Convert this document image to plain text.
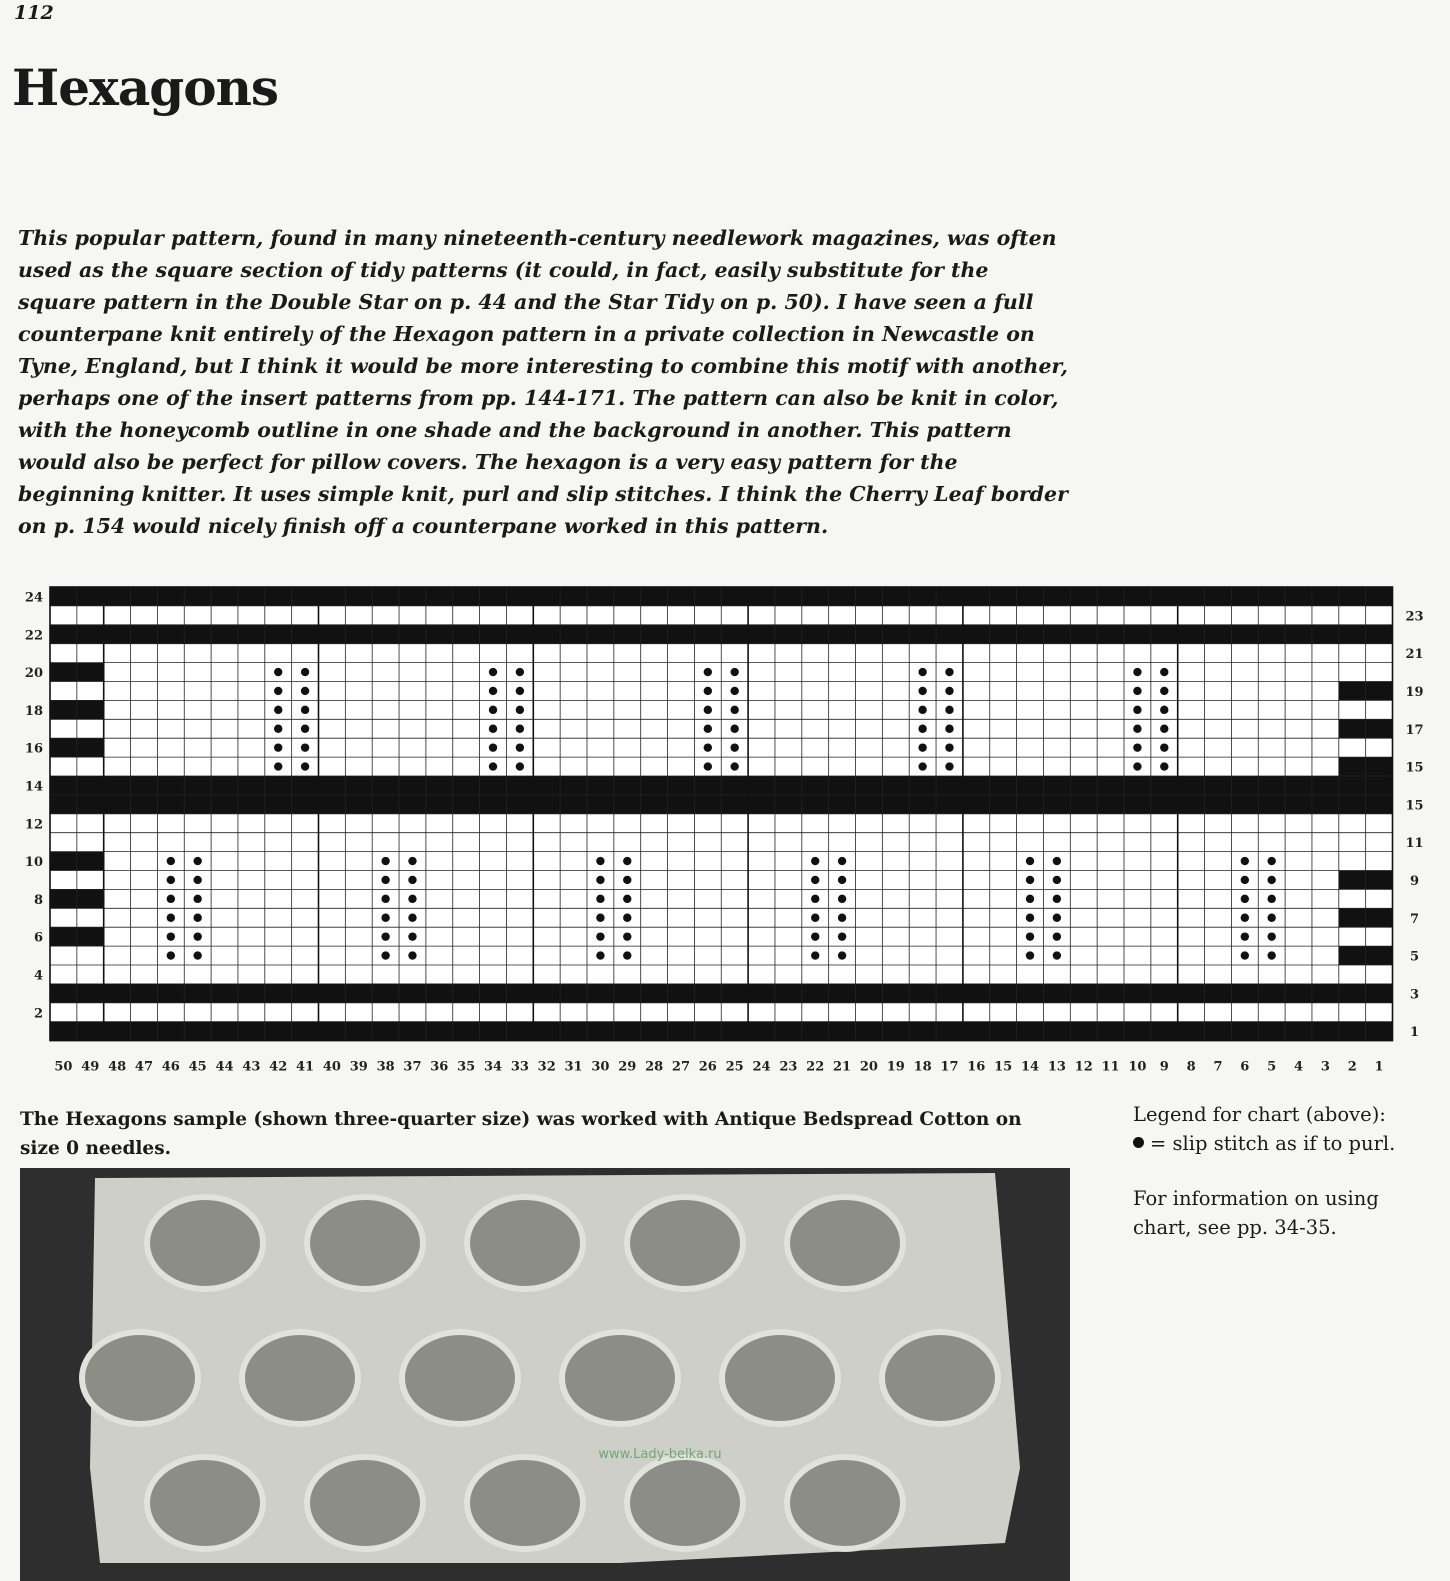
112
Hexagons

This popular pattern, found in many nineteenth-century needlework magazines, was often used as the square section of tidy patterns (it could, in fact, easily substitute for the square pattern in the Double Star on p. 44 and the Star Tidy on p. 50). I have seen a full counterpane knit entirely of the Hexagon pattern in a private collection in Newcastle on Tyne, England, but I think it would be more interesting to combine this motif with another, perhaps one of the insert patterns from pp. 144-171. The pattern can also be knit in color, with the honeycomb outline in one shade and the background in another. This pattern would also be perfect for pillow covers. The hexagon is a very easy pattern for the beginning knitter. It uses simple knit, purl and slip stitches. I think the Cherry Leaf border on p. 154 would nicely finish off a counterpane worked in this pattern.

24
22
20
18
16
14
12
10
8
6
4
2
23
21
19
17
15
15
11
9
7
5
3
1
50 49 48 47 46 45 44 43 42 41 40 39 38 37 36 35 34 33 32 31 30 29 28 27 26 25 24 23 22 21 20 19 18 17 16 15 14 13 12 11 10 9 8 7 6 5 4 3 2 1

The Hexagons sample (shown three-quarter size) was worked with Antique Bedspread Cotton on size 0 needles.

www.Lady-belka.ru

Legend for chart (above):

= slip stitch as if to purl.

For information on using chart, see pp. 34-35.
